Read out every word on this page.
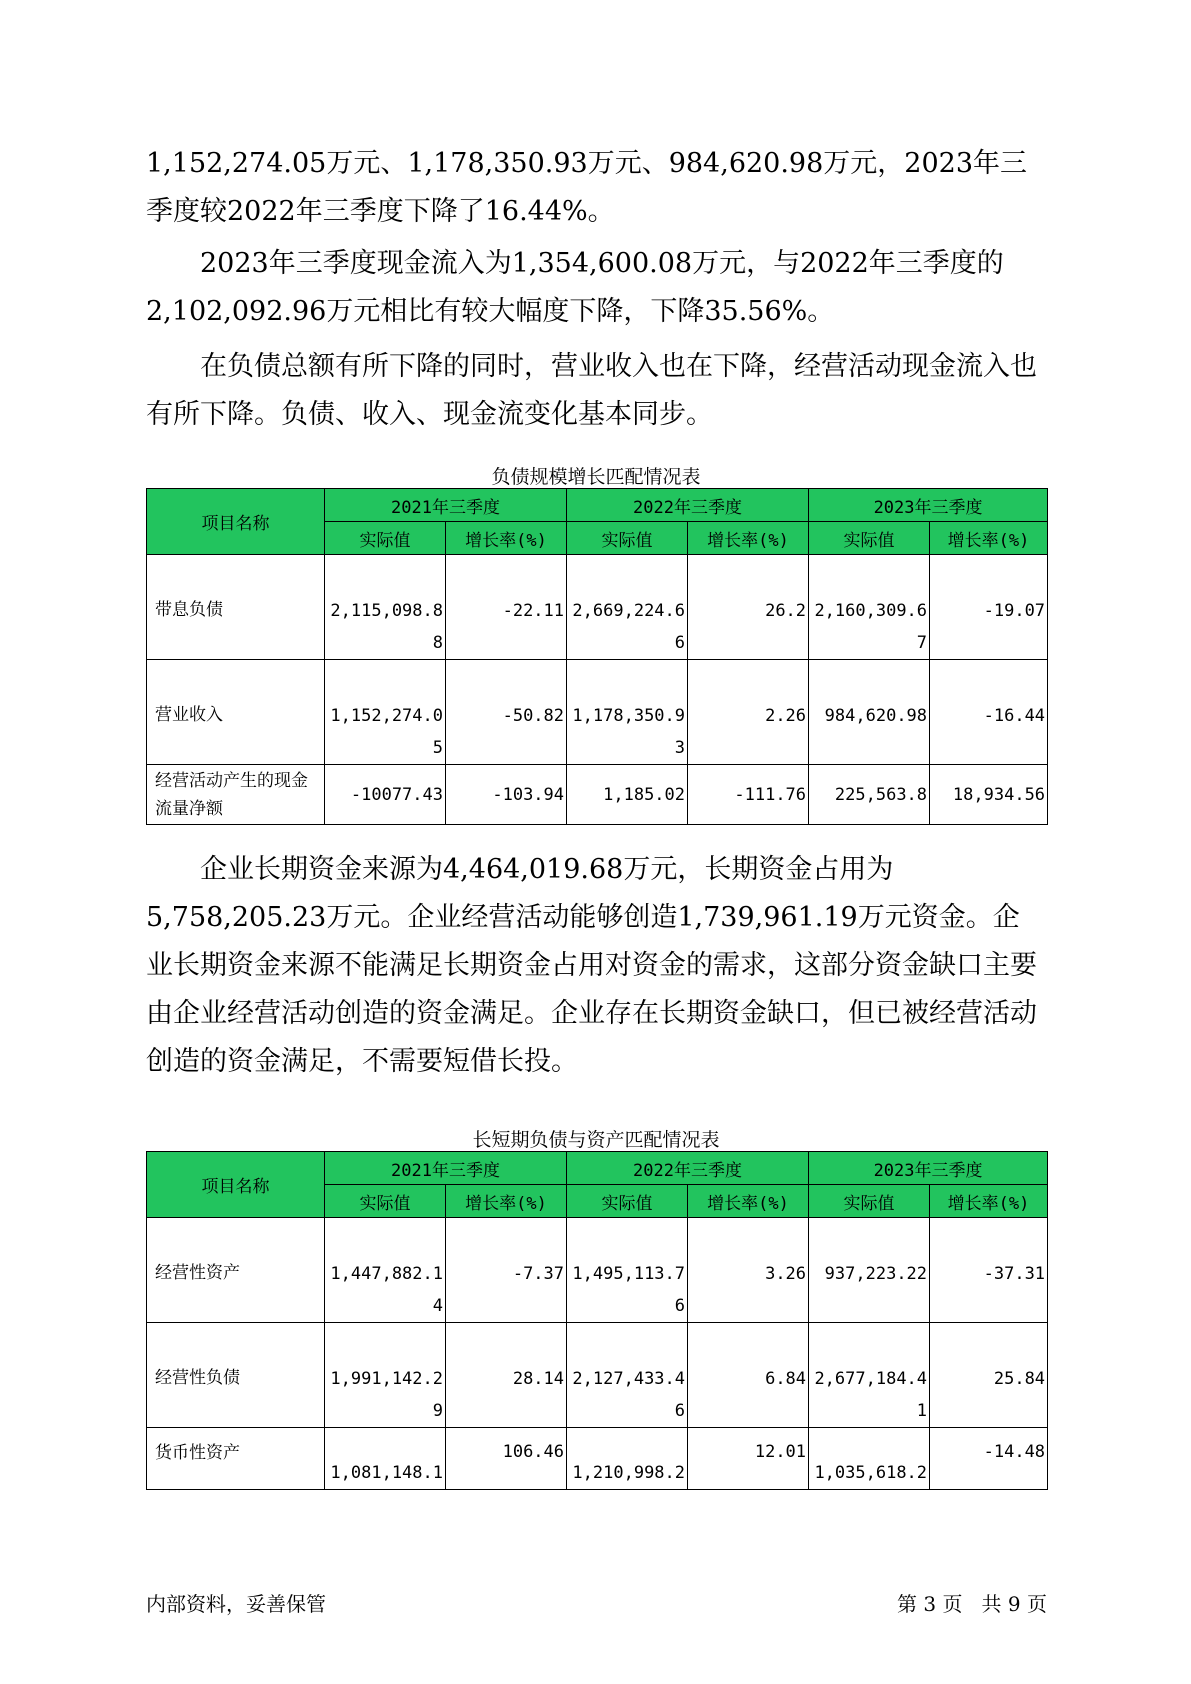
1,152,274.05万元、1,178,350.93万元、984,620.98万元，2023年三季度较2022年三季度下降了16.44%。

2023年三季度现金流入为1,354,600.08万元，与2022年三季度的2,102,092.96万元相比有较大幅度下降，下降35.56%。

在负债总额有所下降的同时，营业收入也在下降，经营活动现金流入也有所下降。负债、收入、现金流变化基本同步。

负债规模增长匹配情况表
项目名称	2021年三季度		2022年三季度		2023年三季度	
	实际值	增长率(%)	实际值	增长率(%)	实际值	增长率(%)
带息负债	2,115,098.88	-22.11	2,669,224.66	26.2	2,160,309.67	-19.07
营业收入	1,152,274.05	-50.82	1,178,350.93	2.26	984,620.98	-16.44
经营活动产生的现金流量净额	-10077.43	-103.94	1,185.02	-111.76	225,563.8	18,934.56

企业长期资金来源为4,464,019.68万元，长期资金占用为5,758,205.23万元。企业经营活动能够创造1,739,961.19万元资金。企业长期资金来源不能满足长期资金占用对资金的需求，这部分资金缺口主要由企业经营活动创造的资金满足。企业存在长期资金缺口，但已被经营活动创造的资金满足，不需要短借长投。

长短期负债与资产匹配情况表
项目名称	2021年三季度		2022年三季度		2023年三季度	
	实际值	增长率(%)	实际值	增长率(%)	实际值	增长率(%)
经营性资产	1,447,882.14	-7.37	1,495,113.76	3.26	937,223.22	-37.31
经营性负债	1,991,142.29	28.14	2,127,433.46	6.84	2,677,184.41	25.84
货币性资产	1,081,148.1	106.46	1,210,998.2	12.01	1,035,618.2	-14.48
内部资料，妥善保管	第 3 页   共 9 页
